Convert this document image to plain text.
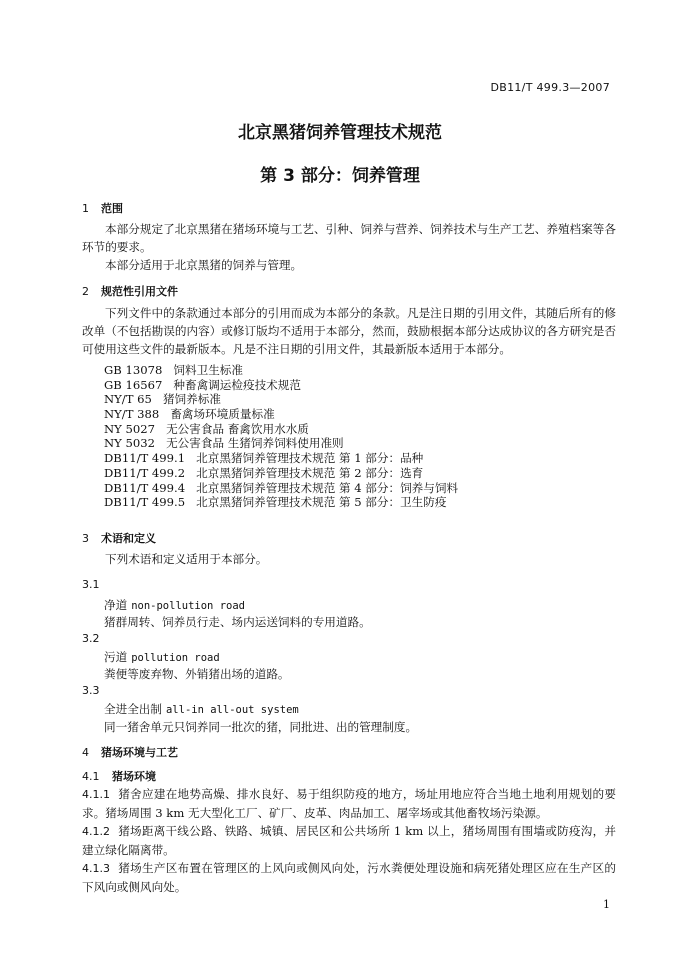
DB11/T 499.3—2007
北京黑猪饲养管理技术规范
第 3 部分：饲养管理
1 范围
本部分规定了北京黑猪在猪场环境与工艺、引种、饲养与营养、饲养技术与生产工艺、养殖档案等各环节的要求。
本部分适用于北京黑猪的饲养与管理。
2 规范性引用文件
下列文件中的条款通过本部分的引用而成为本部分的条款。凡是注日期的引用文件，其随后所有的修改单（不包括勘误的内容）或修订版均不适用于本部分，然而，鼓励根据本部分达成协议的各方研究是否可使用这些文件的最新版本。凡是不注日期的引用文件，其最新版本适用于本部分。
GB 13078 饲料卫生标准
GB 16567 种畜禽调运检疫技术规范
NY/T 65 猪饲养标准
NY/T 388 畜禽场环境质量标准
NY 5027 无公害食品 畜禽饮用水水质
NY 5032 无公害食品 生猪饲养饲料使用准则
DB11/T 499.1 北京黑猪饲养管理技术规范 第 1 部分：品种
DB11/T 499.2 北京黑猪饲养管理技术规范 第 2 部分：选育
DB11/T 499.4 北京黑猪饲养管理技术规范 第 4 部分：饲养与饲料
DB11/T 499.5 北京黑猪饲养管理技术规范 第 5 部分：卫生防疫
3 术语和定义
下列术语和定义适用于本部分。
3.1
净道 non-pollution road
猪群周转、饲养员行走、场内运送饲料的专用道路。
3.2
污道 pollution road
粪便等废弃物、外销猪出场的道路。
3.3
全进全出制 all-in all-out system
同一猪舍单元只饲养同一批次的猪，同批进、出的管理制度。
4 猪场环境与工艺
4.1 猪场环境
4.1.1 猪舍应建在地势高燥、排水良好、易于组织防疫的地方，场址用地应符合当地土地利用规划的要求。猪场周围 3 km 无大型化工厂、矿厂、皮革、肉品加工、屠宰场或其他畜牧场污染源。
4.1.2 猪场距离干线公路、铁路、城镇、居民区和公共场所 1 km 以上，猪场周围有围墙或防疫沟，并建立绿化隔离带。
4.1.3 猪场生产区布置在管理区的上风向或侧风向处，污水粪便处理设施和病死猪处理区应在生产区的下风向或侧风向处。
1
